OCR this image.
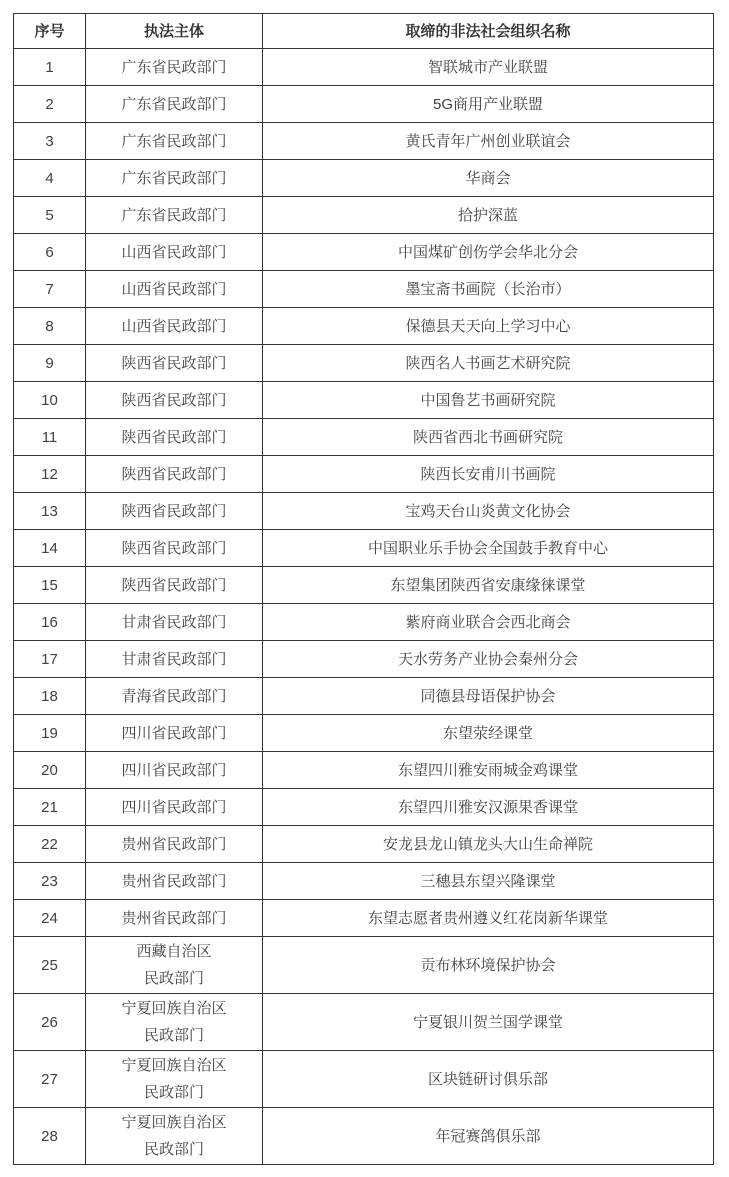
序号	执法主体	取缔的非法社会组织名称
1	广东省民政部门	智联城市产业联盟
2	广东省民政部门	5G商用产业联盟
3	广东省民政部门	黄氏青年广州创业联谊会
4	广东省民政部门	华商会
5	广东省民政部门	拾护深蓝
6	山西省民政部门	中国煤矿创伤学会华北分会
7	山西省民政部门	墨宝斋书画院（长治市）
8	山西省民政部门	保德县天天向上学习中心
9	陕西省民政部门	陕西名人书画艺术研究院
10	陕西省民政部门	中国鲁艺书画研究院
11	陕西省民政部门	陕西省西北书画研究院
12	陕西省民政部门	陕西长安甫川书画院
13	陕西省民政部门	宝鸡天台山炎黄文化协会
14	陕西省民政部门	中国职业乐手协会全国鼓手教育中心
15	陕西省民政部门	东望集团陕西省安康缘徕课堂
16	甘肃省民政部门	紫府商业联合会西北商会
17	甘肃省民政部门	天水劳务产业协会秦州分会
18	青海省民政部门	同德县母语保护协会
19	四川省民政部门	东望荥经课堂
20	四川省民政部门	东望四川雅安雨城金鸡课堂
21	四川省民政部门	东望四川雅安汉源果香课堂
22	贵州省民政部门	安龙县龙山镇龙头大山生命禅院
23	贵州省民政部门	三穗县东望兴隆课堂
24	贵州省民政部门	东望志愿者贵州遵义红花岗新华课堂
25	西藏自治区
民政部门	贡布林环境保护协会
26	宁夏回族自治区
民政部门	宁夏银川贺兰国学课堂
27	宁夏回族自治区
民政部门	区块链研讨俱乐部
28	宁夏回族自治区
民政部门	年冠赛鸽俱乐部
